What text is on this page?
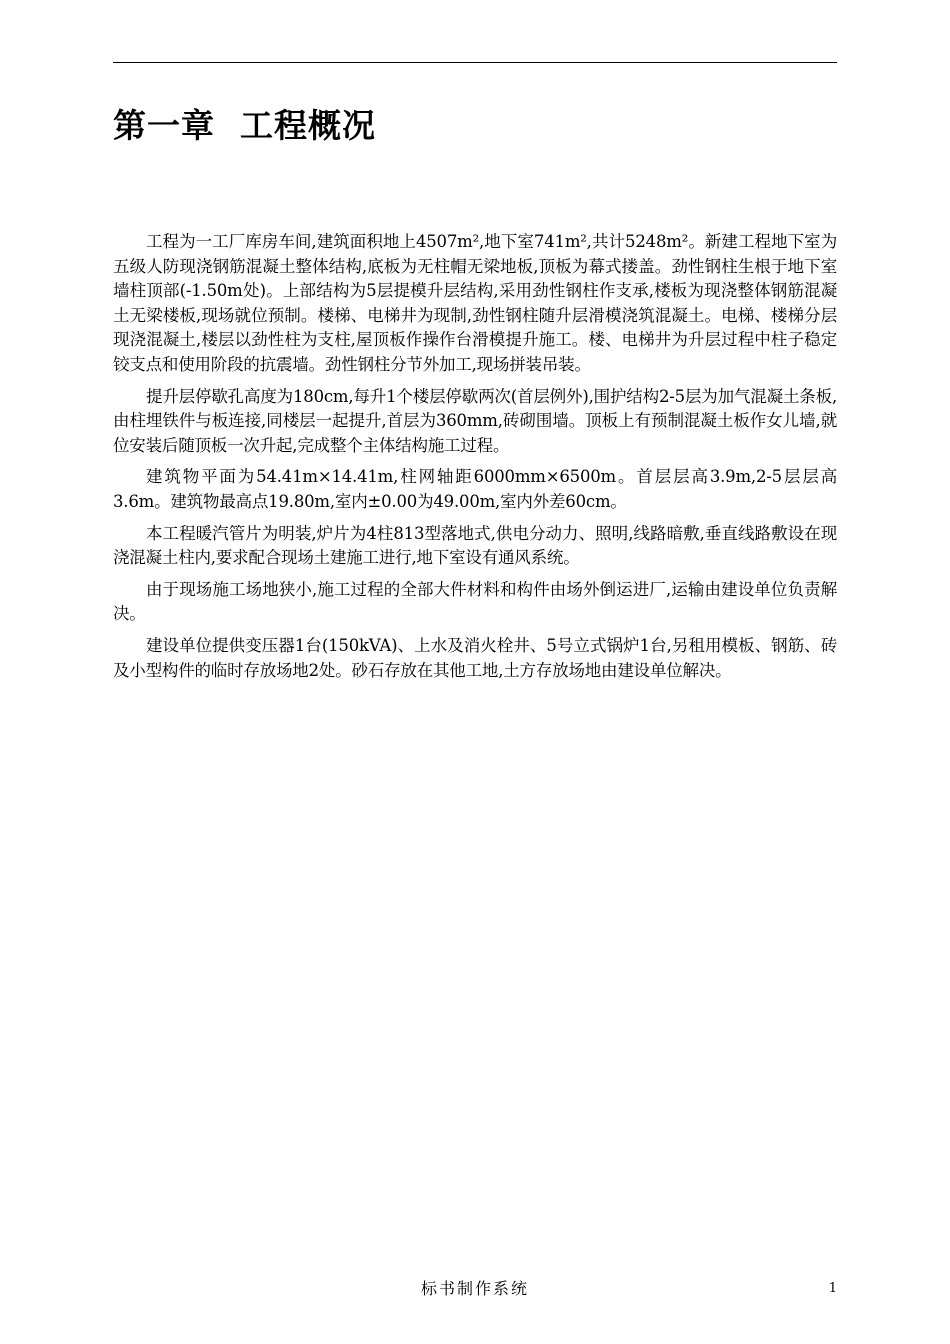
第一章  工程概况

工程为一工厂库房车间,建筑面积地上4507m²,地下室741m²,共计5248m²。新建工程地下室为五级人防现浇钢筋混凝土整体结构,底板为无柱帽无梁地板,顶板为幕式搂盖。劲性钢柱生根于地下室墙柱顶部(-1.50m处)。上部结构为5层提模升层结构,采用劲性钢柱作支承,楼板为现浇整体钢筋混凝土无梁楼板,现场就位预制。楼梯、电梯井为现制,劲性钢柱随升层滑模浇筑混凝土。电梯、楼梯分层现浇混凝土,楼层以劲性柱为支柱,屋顶板作操作台滑模提升施工。楼、电梯井为升层过程中柱子稳定铰支点和使用阶段的抗震墙。劲性钢柱分节外加工,现场拼装吊装。

提升层停歇孔高度为180cm,每升1个楼层停歇两次(首层例外),围护结构2-5层为加气混凝土条板,由柱埋铁件与板连接,同楼层一起提升,首层为360mm,砖砌围墙。顶板上有预制混凝土板作女儿墙,就位安装后随顶板一次升起,完成整个主体结构施工过程。

建筑物平面为54.41m×14.41m,柱网轴距6000mm×6500m。首层层高3.9m,2-5层层高3.6m。建筑物最高点19.80m,室内±0.00为49.00m,室内外差60cm。

本工程暖汽管片为明装,炉片为4柱813型落地式,供电分动力、照明,线路暗敷,垂直线路敷设在现浇混凝土柱内,要求配合现场土建施工进行,地下室设有通风系统。

由于现场施工场地狭小,施工过程的全部大件材料和构件由场外倒运进厂,运输由建设单位负责解决。

建设单位提供变压器1台(150kVA)、上水及消火栓井、5号立式锅炉1台,另租用模板、钢筋、砖及小型构件的临时存放场地2处。砂石存放在其他工地,土方存放场地由建设单位解决。

标书制作系统	1
